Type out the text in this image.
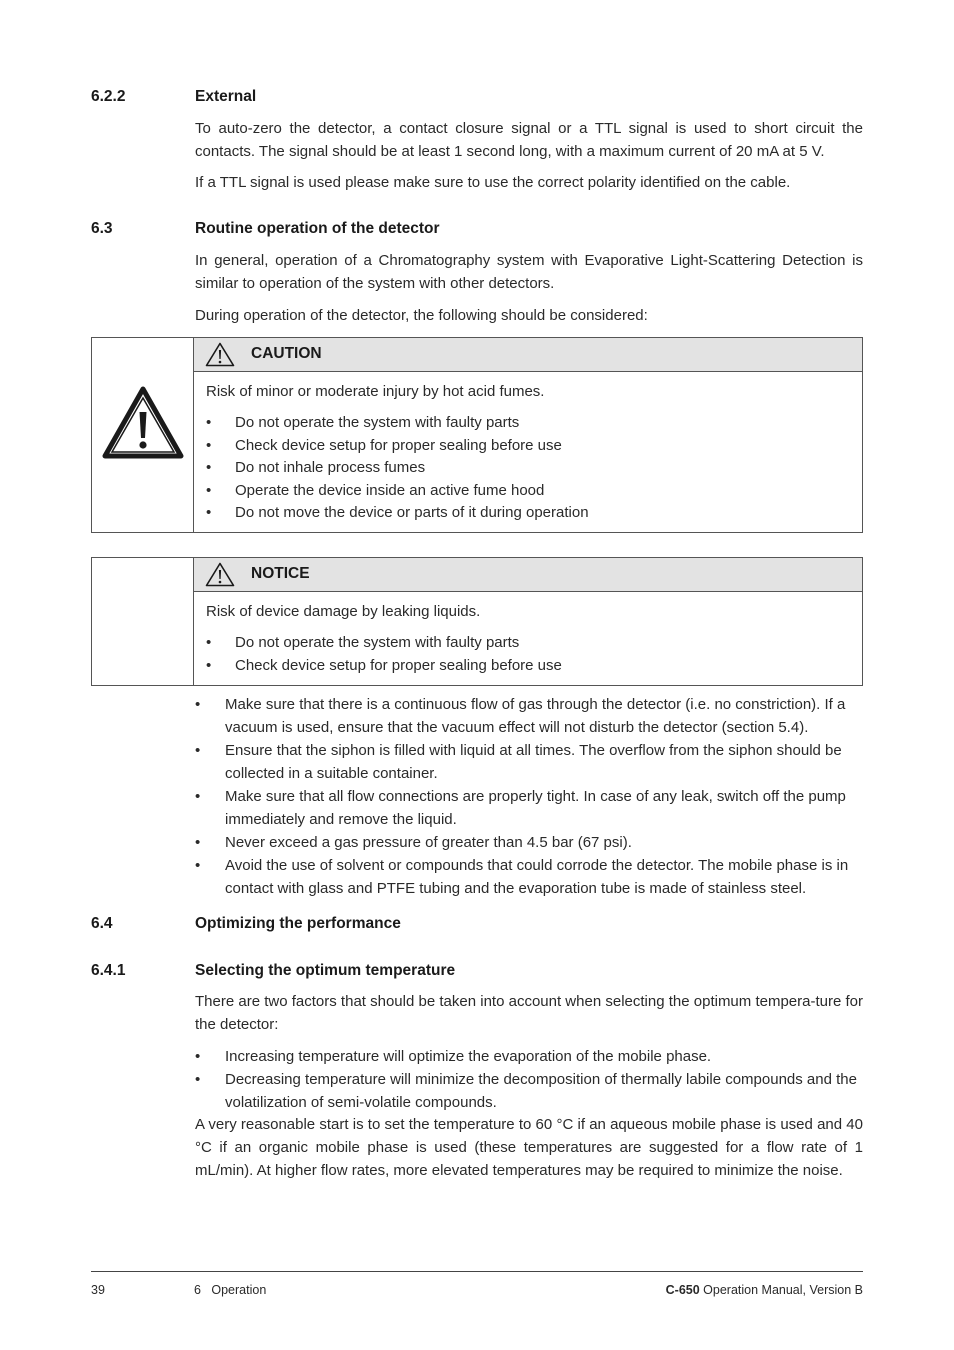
6.2.2	External

To auto-zero the detector, a contact closure signal or a TTL signal is used to short circuit the contacts. The signal should be at least 1 second long, with a maximum current of 20 mA at 5 V.

If a TTL signal is used please make sure to use the correct polarity identified on the cable.

6.3	Routine operation of the detector

In general, operation of a Chromatography system with Evaporative Light-Scattering Detection is similar to operation of the system with other detectors.

During operation of the detector, the following should be considered:

CAUTION
Risk of minor or moderate injury by hot acid fumes.
• Do not operate the system with faulty parts
• Check device setup for proper sealing before use
• Do not inhale process fumes
• Operate the device inside an active fume hood
• Do not move the device or parts of it during operation
NOTICE
Risk of device damage by leaking liquids.
• Do not operate the system with faulty parts
• Check device setup for proper sealing before use
• Make sure that there is a continuous flow of gas through the detector (i.e. no constriction). If a vacuum is used, ensure that the vacuum effect will not disturb the detector (section 5.4).
• Ensure that the siphon is filled with liquid at all times. The overflow from the siphon should be collected in a suitable container.
• Make sure that all flow connections are properly tight. In case of any leak, switch off the pump immediately and remove the liquid.
• Never exceed a gas pressure of greater than 4.5 bar (67 psi).
• Avoid the use of solvent or compounds that could corrode the detector. The mobile phase is in contact with glass and PTFE tubing and the evaporation tube is made of stainless steel.
6.4	Optimizing the performance
6.4.1	Selecting the optimum temperature

There are two factors that should be taken into account when selecting the optimum tempera-ture for the detector:

• Increasing temperature will optimize the evaporation of the mobile phase.
• Decreasing temperature will minimize the decomposition of thermally labile compounds and the volatilization of semi-volatile compounds.

A very reasonable start is to set the temperature to 60 °C if an aqueous mobile phase is used and 40 °C if an organic mobile phase is used (these temperatures are suggested for a flow rate of 1 mL/min). At higher flow rates, more elevated temperatures may be required to minimize the noise.

39	6   Operation	C-650 Operation Manual, Version B
